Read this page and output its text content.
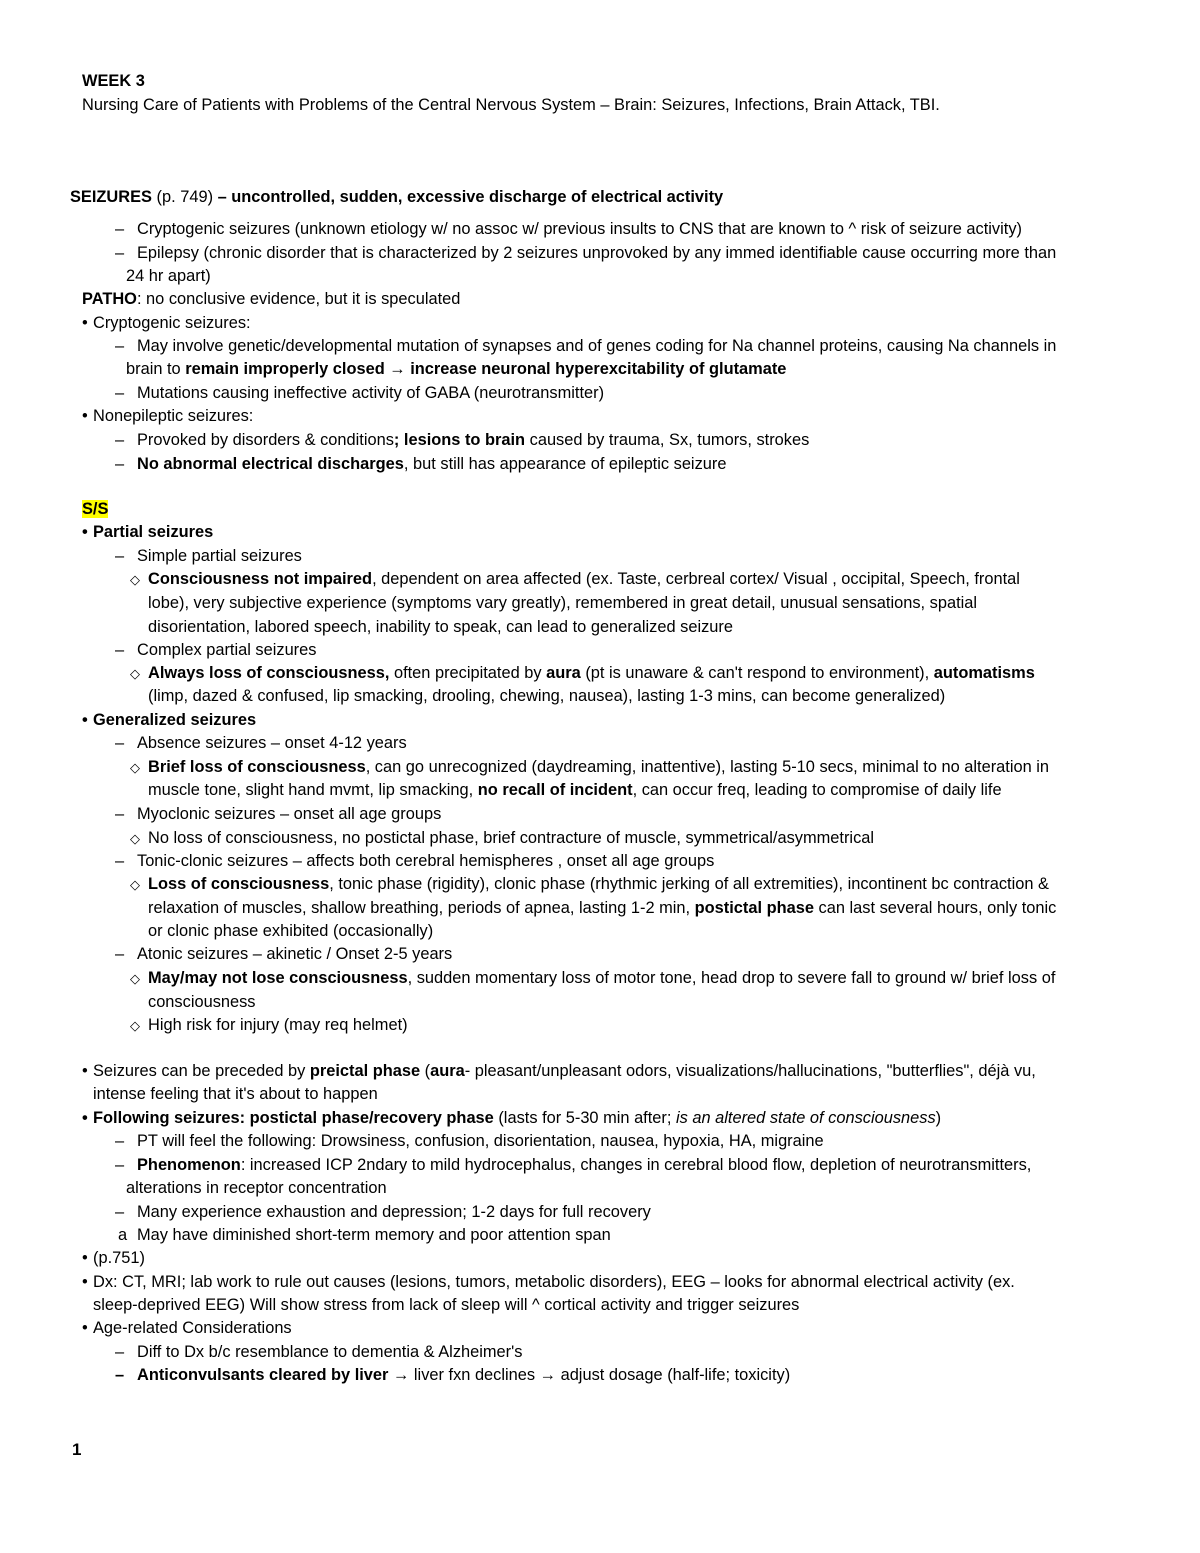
WEEK 3
Nursing Care of Patients with Problems of the Central Nervous System – Brain: Seizures, Infections, Brain Attack, TBI.
SEIZURES (p. 749) – uncontrolled, sudden, excessive discharge of electrical activity
– Cryptogenic seizures (unknown etiology w/ no assoc w/ previous insults to CNS that are known to ^ risk of seizure activity)
– Epilepsy (chronic disorder that is characterized by 2 seizures unprovoked by any immed identifiable cause occurring more than
24 hr apart)
PATHO: no conclusive evidence, but it is speculated
• Cryptogenic seizures:
– May involve genetic/developmental mutation of synapses and of genes coding for Na channel proteins, causing Na channels in
brain to remain improperly closed → increase neuronal hyperexcitability of glutamate
– Mutations causing ineffective activity of GABA (neurotransmitter)
• Nonepileptic seizures:
– Provoked by disorders & conditions; lesions to brain caused by trauma, Sx, tumors, strokes
– No abnormal electrical discharges, but still has appearance of epileptic seizure
S/S
• Partial seizures
– Simple partial seizures
◇ Consciousness not impaired, dependent on area affected (ex. Taste, cerbreal cortex/ Visual , occipital, Speech, frontal
lobe), very subjective experience (symptoms vary greatly), remembered in great detail, unusual sensations, spatial
disorientation, labored speech, inability to speak, can lead to generalized seizure
– Complex partial seizures
◇ Always loss of consciousness, often precipitated by aura (pt is unaware & can't respond to environment), automatisms
(limp, dazed & confused, lip smacking, drooling, chewing, nausea), lasting 1-3 mins, can become generalized)
• Generalized seizures
– Absence seizures – onset 4-12 years
◇ Brief loss of consciousness, can go unrecognized (daydreaming, inattentive), lasting 5-10 secs, minimal to no alteration in
muscle tone, slight hand mvmt, lip smacking, no recall of incident, can occur freq, leading to compromise of daily life
– Myoclonic seizures – onset all age groups
◇ No loss of consciousness, no postictal phase, brief contracture of muscle, symmetrical/asymmetrical
– Tonic-clonic seizures – affects both cerebral hemispheres , onset all age groups
◇ Loss of consciousness, tonic phase (rigidity), clonic phase (rhythmic jerking of all extremities), incontinent bc contraction &
relaxation of muscles, shallow breathing, periods of apnea, lasting 1-2 min, postictal phase can last several hours, only tonic
or clonic phase exhibited (occasionally)
– Atonic seizures – akinetic / Onset 2-5 years
◇ May/may not lose consciousness, sudden momentary loss of motor tone, head drop to severe fall to ground w/ brief loss of
consciousness
◇ High risk for injury (may req helmet)
• Seizures can be preceded by preictal phase (aura- pleasant/unpleasant odors, visualizations/hallucinations, "butterflies", déjà vu,
intense feeling that it's about to happen
• Following seizures: postictal phase/recovery phase (lasts for 5-30 min after; is an altered state of consciousness)
– PT will feel the following: Drowsiness, confusion, disorientation, nausea, hypoxia, HA, migraine
– Phenomenon: increased ICP 2ndary to mild hydrocephalus, changes in cerebral blood flow, depletion of neurotransmitters,
alterations in receptor concentration
– Many experience exhaustion and depression; 1-2 days for full recovery
a May have diminished short-term memory and poor attention span
• (p.751)
• Dx: CT, MRI; lab work to rule out causes (lesions, tumors, metabolic disorders), EEG – looks for abnormal electrical activity (ex.
sleep-deprived EEG) Will show stress from lack of sleep will ^ cortical activity and trigger seizures
• Age-related Considerations
– Diff to Dx b/c resemblance to dementia & Alzheimer's
– Anticonvulsants cleared by liver → liver fxn declines → adjust dosage (half-life; toxicity)
1
